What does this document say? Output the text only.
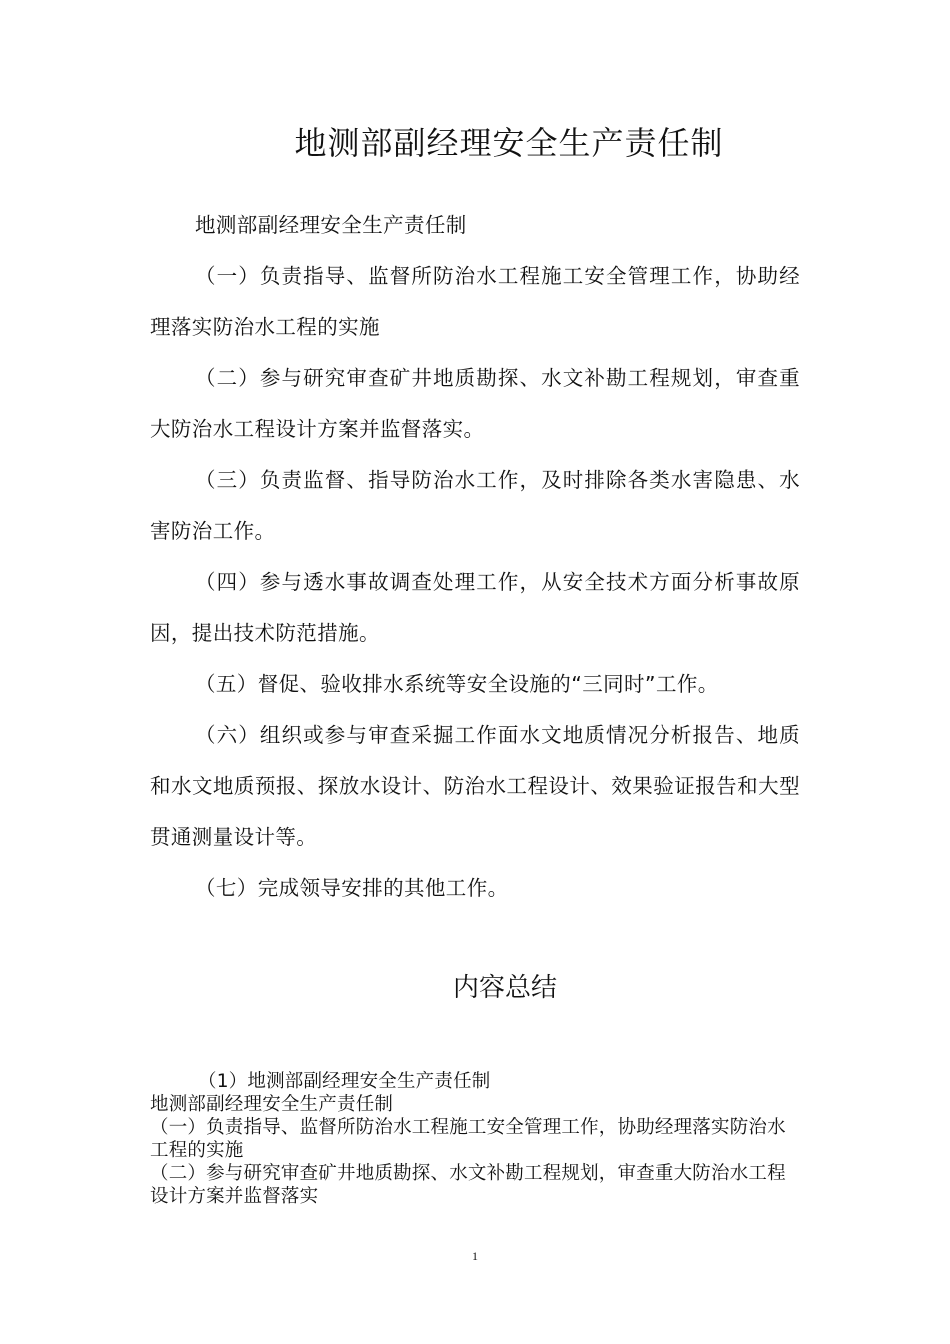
地测部副经理安全生产责任制

地测部副经理安全生产责任制

（一）负责指导、监督所防治水工程施工安全管理工作，协助经理落实防治水工程的实施

（二）参与研究审查矿井地质勘探、水文补勘工程规划，审查重大防治水工程设计方案并监督落实。

（三）负责监督、指导防治水工作，及时排除各类水害隐患、水害防治工作。

（四）参与透水事故调查处理工作，从安全技术方面分析事故原因，提出技术防范措施。

（五）督促、验收排水系统等安全设施的“三同时”工作。

（六）组织或参与审查采掘工作面水文地质情况分析报告、地质和水文地质预报、探放水设计、防治水工程设计、效果验证报告和大型贯通测量设计等。

（七）完成领导安排的其他工作。

内容总结

（1）地测部副经理安全生产责任制

地测部副经理安全生产责任制

（一）负责指导、监督所防治水工程施工安全管理工作，协助经理落实防治水工程的实施

（二）参与研究审查矿井地质勘探、水文补勘工程规划，审查重大防治水工程设计方案并监督落实

1
